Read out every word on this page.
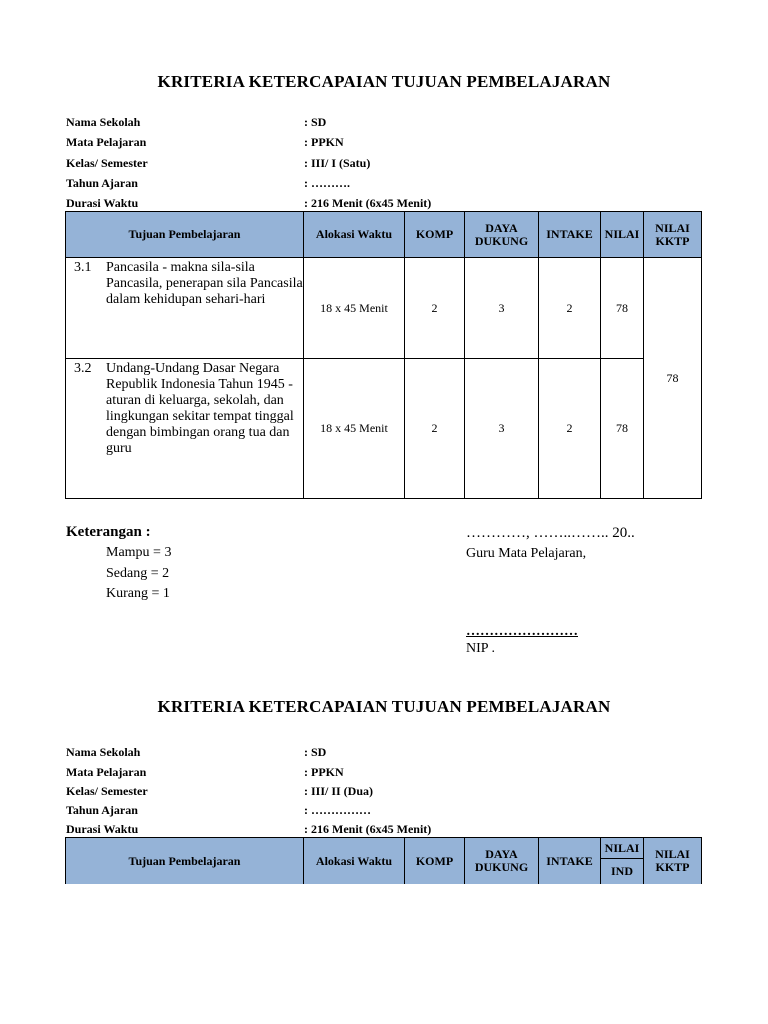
KRITERIA KETERCAPAIAN TUJUAN PEMBELAJARAN
Nama Sekolah	: SD
Mata Pelajaran	: PPKN
Kelas/ Semester	: III/ I (Satu)
Tahun Ajaran	: ……….
Durasi Waktu	: 216 Menit (6x45 Menit)
Tujuan Pembelajaran	Alokasi Waktu	KOMP	DAYA DUKUNG	INTAKE	NILAI	NILAI KKTP

3.1 Pancasila - makna sila-sila Pancasila, penerapan sila Pancasila dalam kehidupan sehari-hari	18 x 45 Menit	2	3	2	78	78

3.2 Undang-Undang Dasar Negara Republik Indonesia Tahun 1945 - aturan di keluarga, sekolah, dan lingkungan sekitar tempat tinggal dengan bimbingan orang tua dan guru	18 x 45 Menit	2	3	2	78	
Keterangan :
Mampu = 3
Sedang = 2
Kurang = 1
…………, ……..…….. 20..
Guru Mata Pelajaran,
……………………
NIP .
KRITERIA KETERCAPAIAN TUJUAN PEMBELAJARAN
Nama Sekolah	: SD
Mata Pelajaran	: PPKN
Kelas/ Semester	: III/ II (Dua)
Tahun Ajaran	: ……………
Durasi Waktu	: 216 Menit (6x45 Menit)
Tujuan Pembelajaran	Alokasi Waktu	KOMP	DAYA DUKUNG	INTAKE	NILAI	NILAI KKTP
					IND	
